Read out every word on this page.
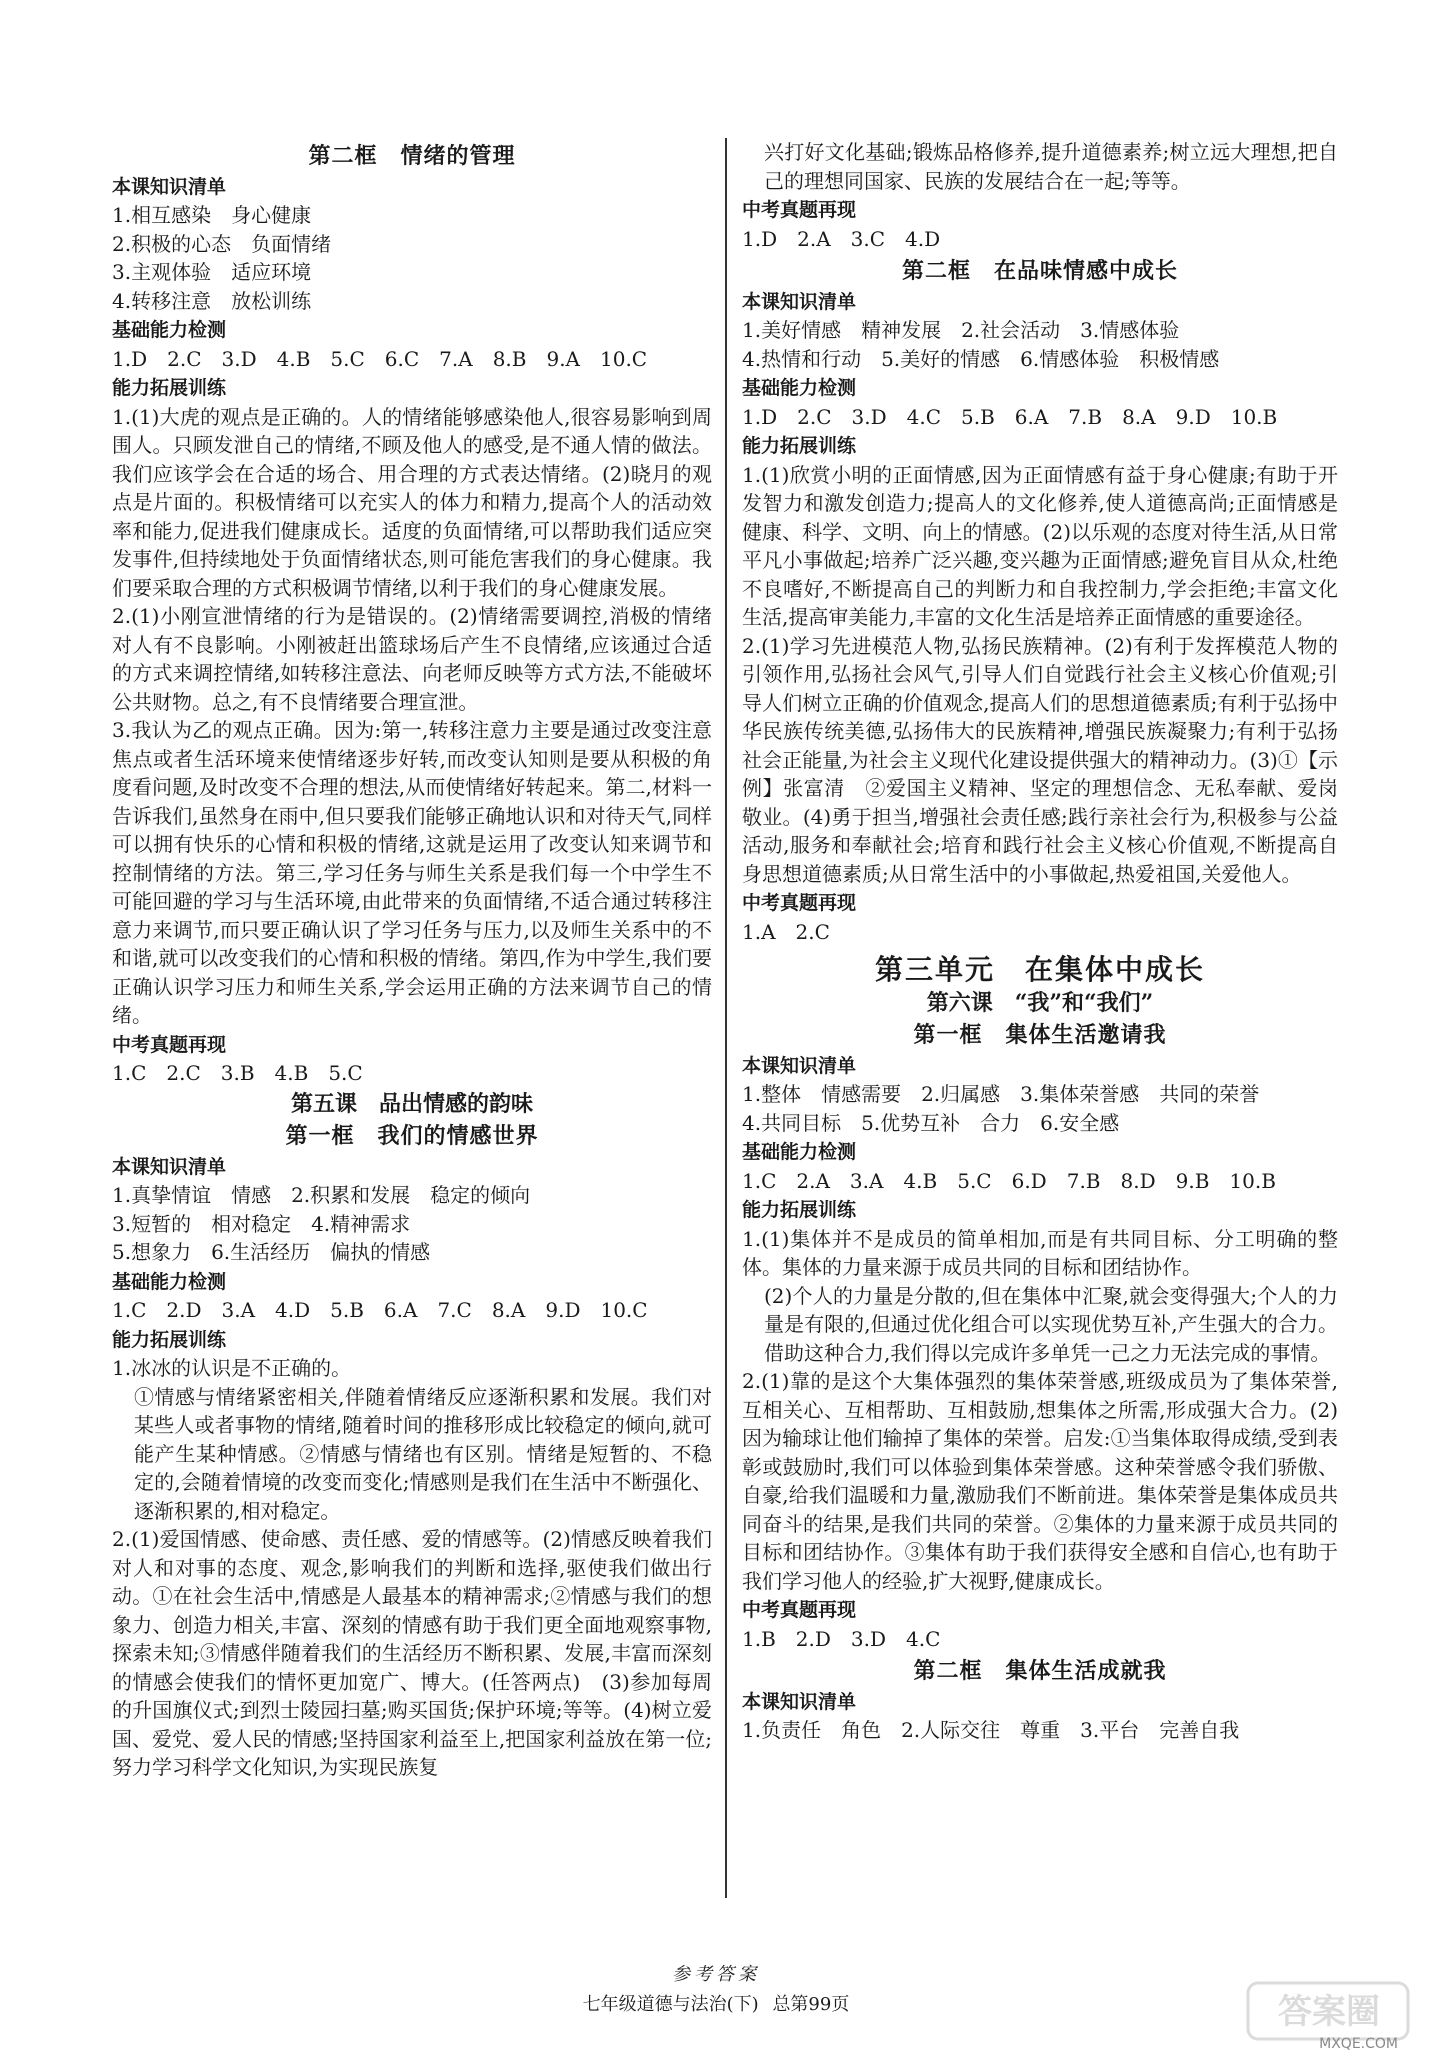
第二框　情绪的管理
本课知识清单
1.相互感染　身心健康
2.积极的心态　负面情绪
3.主观体验　适应环境
4.转移注意　放松训练
基础能力检测
1.D　2.C　3.D　4.B　5.C　6.C　7.A　8.B　9.A　10.C
能力拓展训练
1.(1)大虎的观点是正确的。人的情绪能够感染他人,很容易影响到周围人。只顾发泄自己的情绪,不顾及他人的感受,是不通人情的做法。我们应该学会在合适的场合、用合理的方式表达情绪。(2)晓月的观点是片面的。积极情绪可以充实人的体力和精力,提高个人的活动效率和能力,促进我们健康成长。适度的负面情绪,可以帮助我们适应突发事件,但持续地处于负面情绪状态,则可能危害我们的身心健康。我们要采取合理的方式积极调节情绪,以利于我们的身心健康发展。
2.(1)小刚宣泄情绪的行为是错误的。(2)情绪需要调控,消极的情绪对人有不良影响。小刚被赶出篮球场后产生不良情绪,应该通过合适的方式来调控情绪,如转移注意法、向老师反映等方式方法,不能破坏公共财物。总之,有不良情绪要合理宣泄。
3.我认为乙的观点正确。因为:第一,转移注意力主要是通过改变注意焦点或者生活环境来使情绪逐步好转,而改变认知则是要从积极的角度看问题,及时改变不合理的想法,从而使情绪好转起来。第二,材料一告诉我们,虽然身在雨中,但只要我们能够正确地认识和对待天气,同样可以拥有快乐的心情和积极的情绪,这就是运用了改变认知来调节和控制情绪的方法。第三,学习任务与师生关系是我们每一个中学生不可能回避的学习与生活环境,由此带来的负面情绪,不适合通过转移注意力来调节,而只要正确认识了学习任务与压力,以及师生关系中的不和谐,就可以改变我们的心情和积极的情绪。第四,作为中学生,我们要正确认识学习压力和师生关系,学会运用正确的方法来调节自己的情绪。
中考真题再现
1.C　2.C　3.B　4.B　5.C
第五课　品出情感的韵味
第一框　我们的情感世界
本课知识清单
1.真挚情谊　情感　2.积累和发展　稳定的倾向
3.短暂的　相对稳定　4.精神需求
5.想象力　6.生活经历　偏执的情感
基础能力检测
1.C　2.D　3.A　4.D　5.B　6.A　7.C　8.A　9.D　10.C
能力拓展训练
1.冰冰的认识是不正确的。
①情感与情绪紧密相关,伴随着情绪反应逐渐积累和发展。我们对某些人或者事物的情绪,随着时间的推移形成比较稳定的倾向,就可能产生某种情感。②情感与情绪也有区别。情绪是短暂的、不稳定的,会随着情境的改变而变化;情感则是我们在生活中不断强化、逐渐积累的,相对稳定。
2.(1)爱国情感、使命感、责任感、爱的情感等。(2)情感反映着我们对人和对事的态度、观念,影响我们的判断和选择,驱使我们做出行动。①在社会生活中,情感是人最基本的精神需求;②情感与我们的想象力、创造力相关,丰富、深刻的情感有助于我们更全面地观察事物,探索未知;③情感伴随着我们的生活经历不断积累、发展,丰富而深刻的情感会使我们的情怀更加宽广、博大。(任答两点)　(3)参加每周的升国旗仪式;到烈士陵园扫墓;购买国货;保护环境;等等。(4)树立爱国、爱党、爱人民的情感;坚持国家利益至上,把国家利益放在第一位;努力学习科学文化知识,为实现民族复
兴打好文化基础;锻炼品格修养,提升道德素养;树立远大理想,把自己的理想同国家、民族的发展结合在一起;等等。
中考真题再现
1.D　2.A　3.C　4.D
第二框　在品味情感中成长
本课知识清单
1.美好情感　精神发展　2.社会活动　3.情感体验
4.热情和行动　5.美好的情感　6.情感体验　积极情感
基础能力检测
1.D　2.C　3.D　4.C　5.B　6.A　7.B　8.A　9.D　10.B
能力拓展训练
1.(1)欣赏小明的正面情感,因为正面情感有益于身心健康;有助于开发智力和激发创造力;提高人的文化修养,使人道德高尚;正面情感是健康、科学、文明、向上的情感。(2)以乐观的态度对待生活,从日常平凡小事做起;培养广泛兴趣,变兴趣为正面情感;避免盲目从众,杜绝不良嗜好,不断提高自己的判断力和自我控制力,学会拒绝;丰富文化生活,提高审美能力,丰富的文化生活是培养正面情感的重要途径。
2.(1)学习先进模范人物,弘扬民族精神。(2)有利于发挥模范人物的引领作用,弘扬社会风气,引导人们自觉践行社会主义核心价值观;引导人们树立正确的价值观念,提高人们的思想道德素质;有利于弘扬中华民族传统美德,弘扬伟大的民族精神,增强民族凝聚力;有利于弘扬社会正能量,为社会主义现代化建设提供强大的精神动力。(3)①【示例】张富清　②爱国主义精神、坚定的理想信念、无私奉献、爱岗敬业。(4)勇于担当,增强社会责任感;践行亲社会行为,积极参与公益活动,服务和奉献社会;培育和践行社会主义核心价值观,不断提高自身思想道德素质;从日常生活中的小事做起,热爱祖国,关爱他人。
中考真题再现
1.A　2.C
第三单元　在集体中成长
第六课　“我”和“我们”
第一框　集体生活邀请我
本课知识清单
1.整体　情感需要　2.归属感　3.集体荣誉感　共同的荣誉
4.共同目标　5.优势互补　合力　6.安全感
基础能力检测
1.C　2.A　3.A　4.B　5.C　6.D　7.B　8.D　9.B　10.B
能力拓展训练
1.(1)集体并不是成员的简单相加,而是有共同目标、分工明确的整体。集体的力量来源于成员共同的目标和团结协作。
(2)个人的力量是分散的,但在集体中汇聚,就会变得强大;个人的力量是有限的,但通过优化组合可以实现优势互补,产生强大的合力。借助这种合力,我们得以完成许多单凭一己之力无法完成的事情。
2.(1)靠的是这个大集体强烈的集体荣誉感,班级成员为了集体荣誉,互相关心、互相帮助、互相鼓励,想集体之所需,形成强大合力。(2)因为输球让他们输掉了集体的荣誉。启发:①当集体取得成绩,受到表彰或鼓励时,我们可以体验到集体荣誉感。这种荣誉感令我们骄傲、自豪,给我们温暖和力量,激励我们不断前进。集体荣誉是集体成员共同奋斗的结果,是我们共同的荣誉。②集体的力量来源于成员共同的目标和团结协作。③集体有助于我们获得安全感和自信心,也有助于我们学习他人的经验,扩大视野,健康成长。
中考真题再现
1.B　2.D　3.D　4.C
第二框　集体生活成就我
本课知识清单
1.负责任　角色　2.人际交往　尊重　3.平台　完善自我
参考答案
七年级道德与法治(下) 总第99页	答案圈
MXQE.COM
